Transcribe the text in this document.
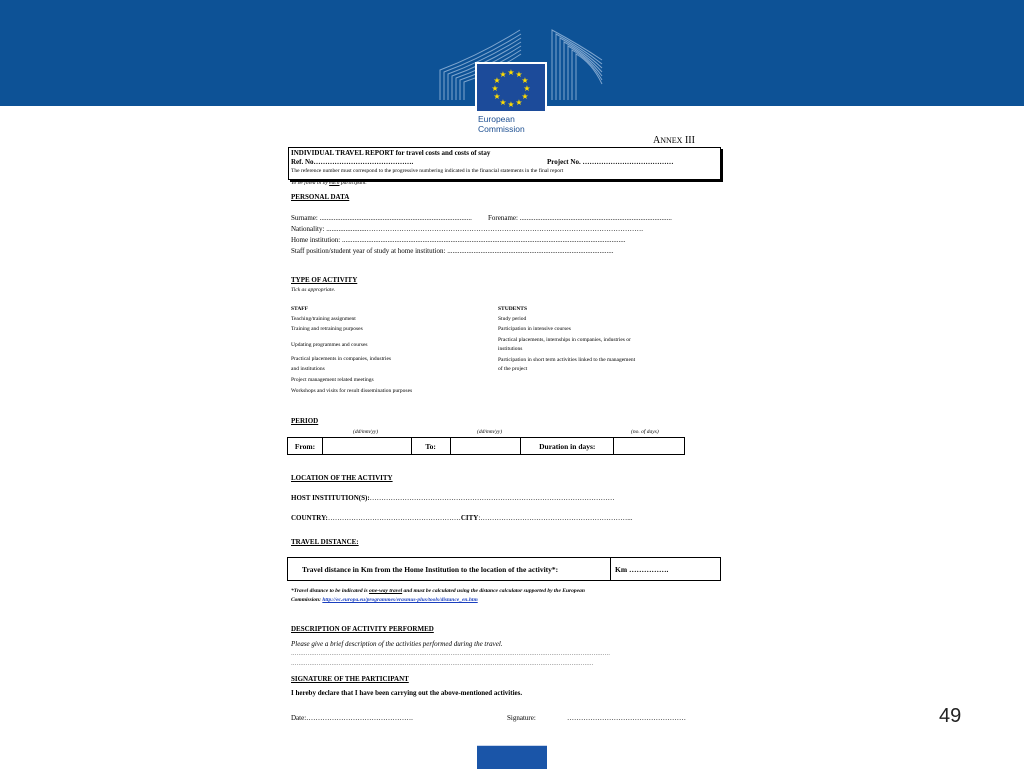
★ ★
★
★
★
★
★
★
★
★
★
★
European
Commission
ANNEX III
INDIVIDUAL TRAVEL REPORT for travel costs and costs of stay
Ref. No…………………………………….	Project No. …………………………………
The reference number must correspond to the progressive numbering indicated in the financial statements in the final report
To be filled in by each participant.
PERSONAL DATA
Surname: ....................................................................................... Forename: .......................................................................................
Nationality: .......................…………………………………………………………………….………………………………….
Home institution: ..................................................................................................................................................................
Staff position/student year of study at home institution: ...............................................................................................
TYPE OF ACTIVITY
Tick as appropriate.
STAFF
Teaching/training assignment
Training and retraining purposes
Updating programmes and courses
Practical placements in companies, industries
and institutions
Project management related meetings
Workshops and visits for result dissemination purposes
STUDENTS
Study period
Participation in intensive courses
Practical placements, internships in companies, industries or
institutions
Participation in short term activities linked to the management
of the project
PERIOD
(dd/mm/yy)	(dd/mm/yy)	(no. of days)
From:		To:		Duration in days:	
LOCATION OF THE ACTIVITY
HOST INSTITUTION(S):……………………………………………………………………………………………
COUNTRY:…………………………………………………CITY:………………………………………………………...
TRAVEL DISTANCE:
Travel distance in Km from the Home Institution to the location of the activity*:	Km …………….
*Travel distance to be indicated is one-way travel and must be calculated using the distance calculator supported by the European
Commission: http://ec.europa.eu/programmes/erasmus-plus/tools/distance_en.htm
DESCRIPTION OF ACTIVITY PERFORMED
Please give a brief description of the activities performed during the travel.
…………………………………………………………………………………………………………………………………………………………
…………………………………………………………………………………………………………………………………………………
SIGNATURE OF THE PARTICIPANT
I hereby declare that I have been carrying out the above-mentioned activities.
Date:……………………………………….	Signature:	……………………………………………	49
